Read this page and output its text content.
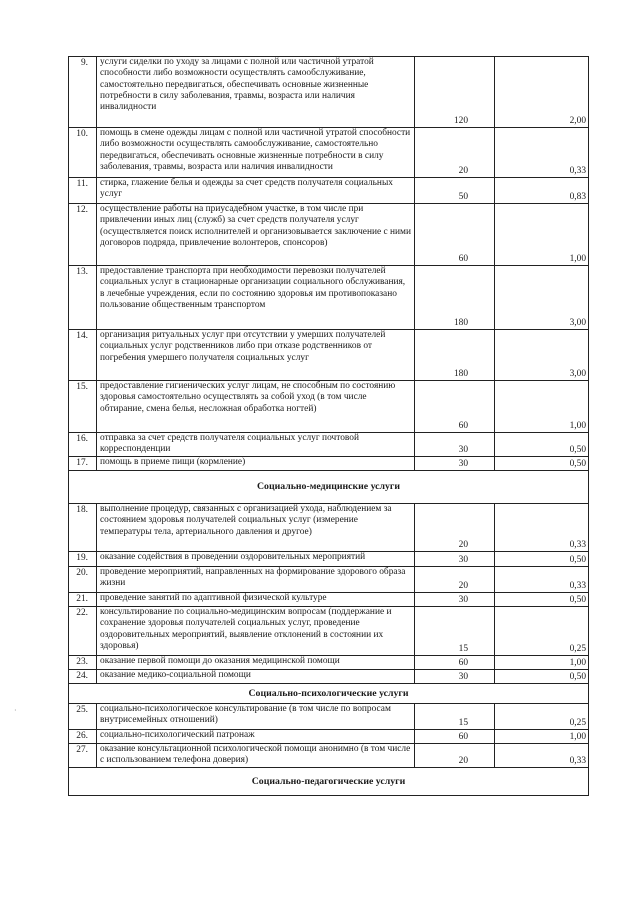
9.	услуги сиделки по уходу за лицами с полной или частичной утратой способности либо возможности осуществлять самообслуживание, самостоятельно передвигаться, обеспечивать основные жизненные потребности в силу заболевания, травмы, возраста или наличия инвалидности	120	2,00
10.	помощь в смене одежды лицам с полной или частичной утратой способности либо возможности осуществлять самообслуживание, самостоятельно передвигаться, обеспечивать основные жизненные потребности в силу заболевания, травмы, возраста или наличия инвалидности	20	0,33
11.	стирка, глажение белья и одежды за счет средств получателя социальных услуг	50	0,83
12.	осуществление работы на приусадебном участке, в том числе при привлечении иных лиц (служб) за счет средств получателя услуг (осуществляется поиск исполнителей и организовывается заключение с ними договоров подряда, привлечение волонтеров, спонсоров)	60	1,00
13.	предоставление транспорта при необходимости перевозки получателей социальных услуг в стационарные организации социального обслуживания, в лечебные учреждения, если по состоянию здоровья им противопоказано пользование общественным транспортом	180	3,00
14.	организация ритуальных услуг при отсутствии у умерших получателей социальных услуг родственников либо при отказе родственников от погребения умершего получателя социальных услуг	180	3,00
15.	предоставление гигиенических услуг лицам, не способным по состоянию здоровья самостоятельно осуществлять за собой уход (в том числе обтирание, смена белья, несложная обработка ногтей)	60	1,00
16.	отправка за счет средств получателя социальных услуг почтовой корреспонденции	30	0,50
17.	помощь в приеме пищи (кормление)	30	0,50
Социально-медицинские услуги			
18.	выполнение процедур, связанных с организацией ухода, наблюдением за состоянием здоровья получателей социальных услуг (измерение температуры тела, артериального давления и другое)	20	0,33
19.	оказание содействия в проведении оздоровительных мероприятий	30	0,50
20.	проведение мероприятий, направленных на формирование здорового образа жизни	20	0,33
21.	проведение занятий по адаптивной физической культуре	30	0,50
22.	консультирование по социально-медицинским вопросам (поддержание и сохранение здоровья получателей социальных услуг, проведение оздоровительных мероприятий, выявление отклонений в состоянии их здоровья)	15	0,25
23.	оказание первой помощи до оказания медицинской помощи	60	1,00
24.	оказание медико-социальной помощи	30	0,50
Социально-психологические услуги			
25.	социально-психологическое консультирование (в том числе по вопросам внутрисемейных отношений)	15	0,25
26.	социально-психологический патронаж	60	1,00
27.	оказание консультационной психологической помощи анонимно (в том числе с использованием телефона доверия)	20	0,33
Социально-педагогические услуги			
·
